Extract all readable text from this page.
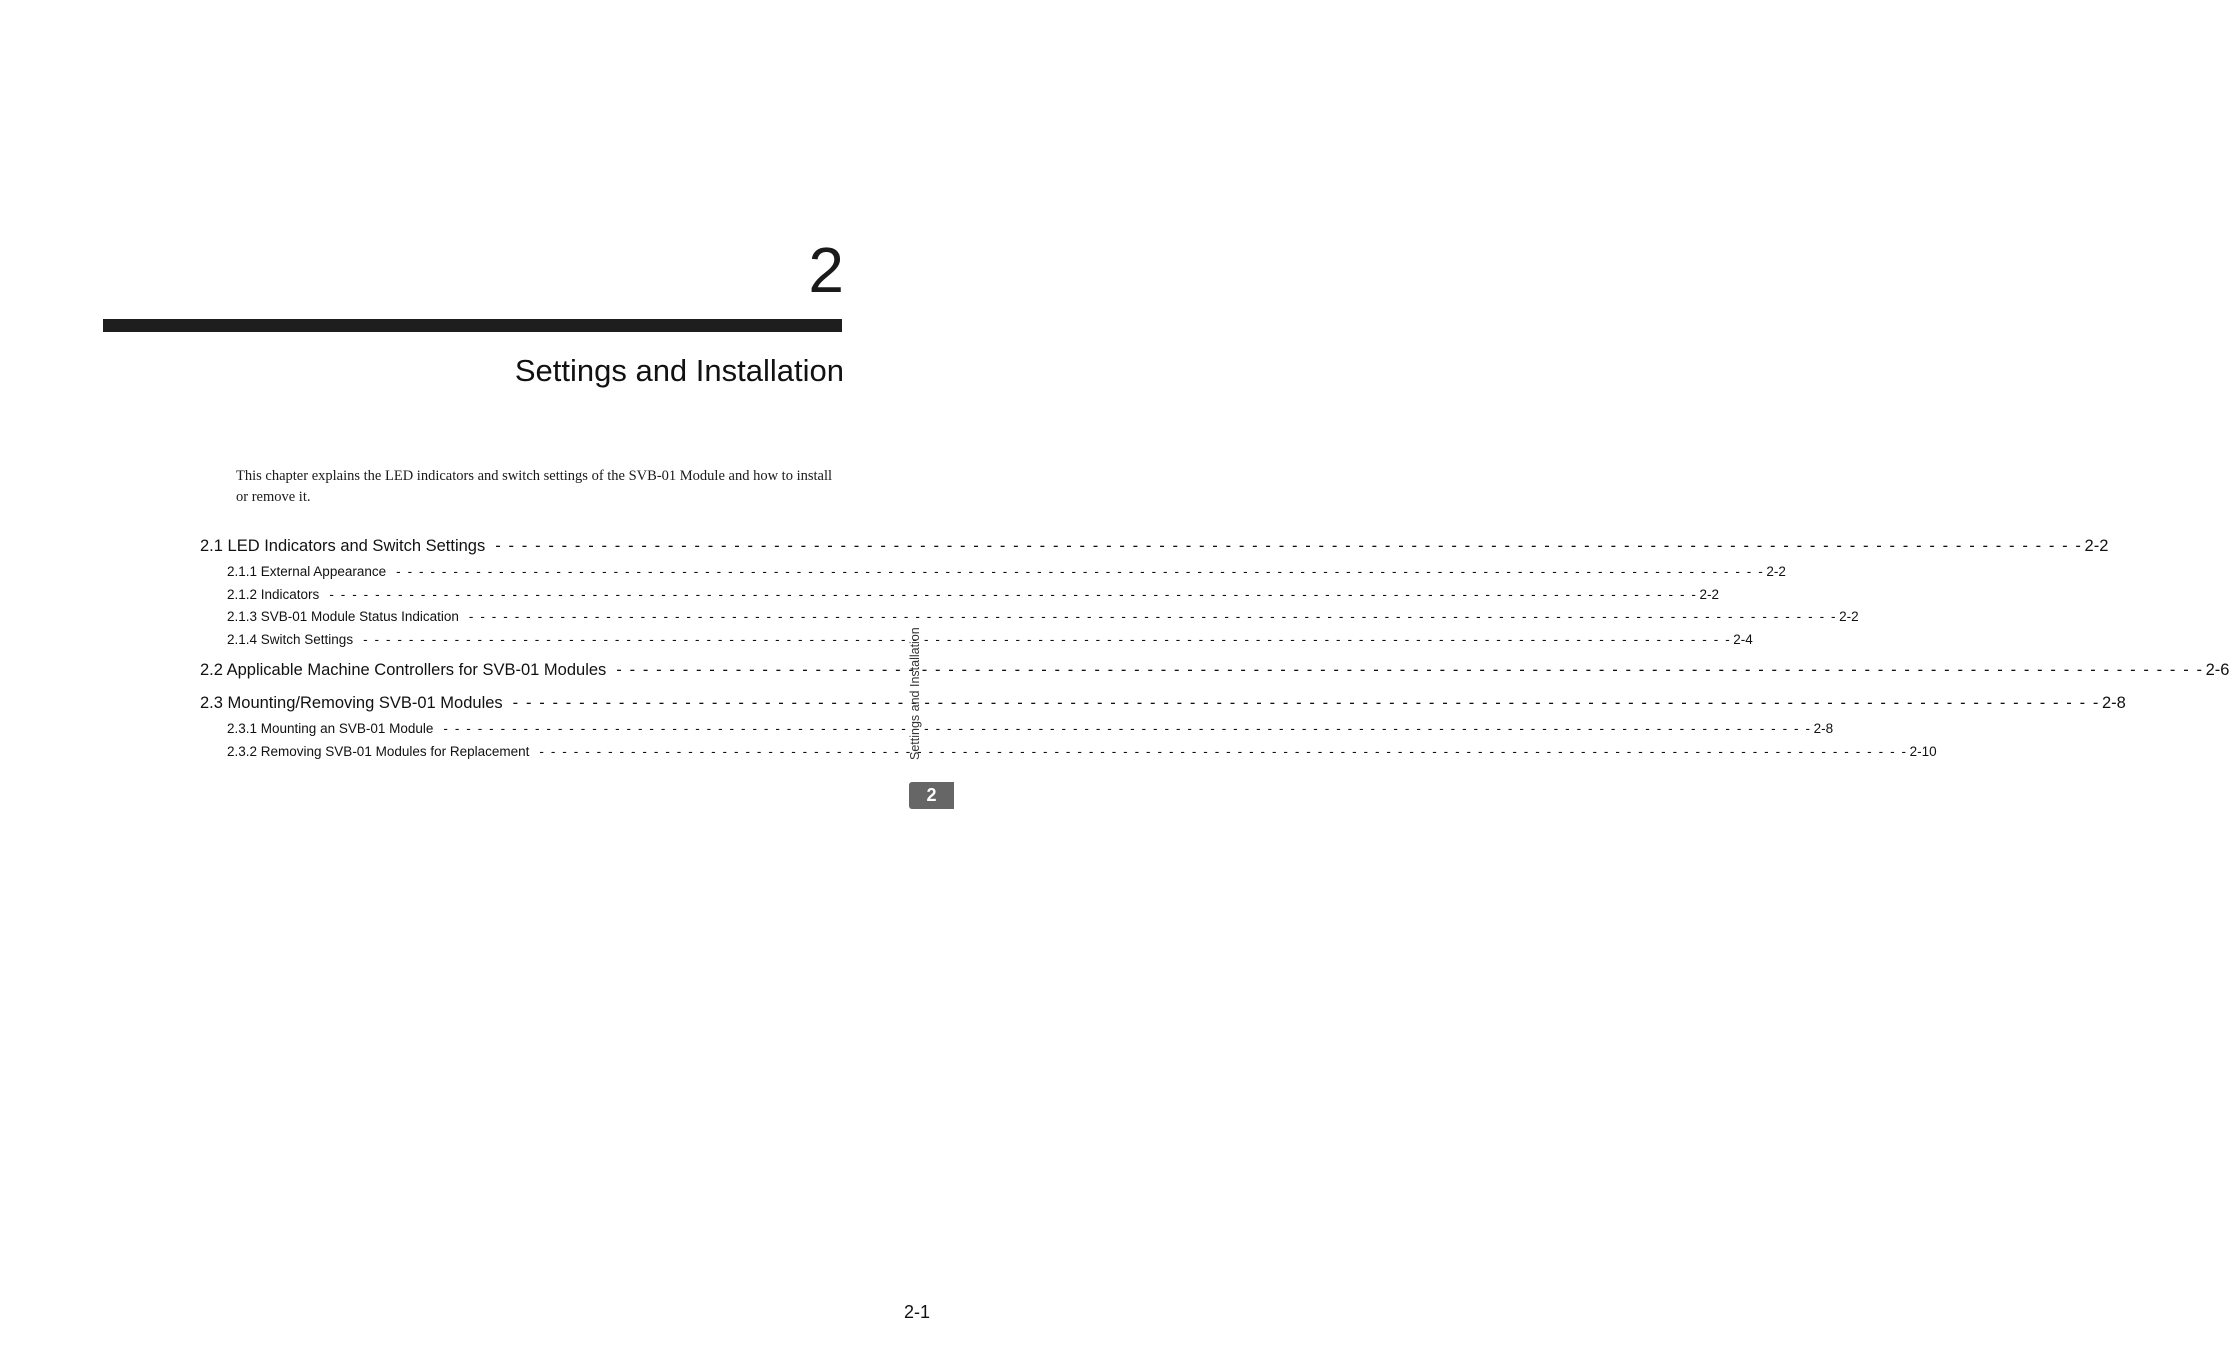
2
Settings and Installation
This chapter explains the LED indicators and switch settings of the SVB-01 Module and how to install or remove it.
2.1 LED Indicators and Switch Settings - - - - - - - - - - - - - - - - - - - - - - - - - - - - - - - - - - - - - - - - - - - - - - - - - - - - - - - - - - - - - - - - - - - - - - - - - - - - - - - - - - - - - - - - - - - - - - - - - - - - - - - - - - - - - - - - - - - - - - - - 2-2
2.1.1 External Appearance - - - - - - - - - - - - - - - - - - - - - - - - - - - - - - - - - - - - - - - - - - - - - - - - - - - - - - - - - - - - - - - - - - - - - - - - - - - - - - - - - - - - - - - - - - - - - - - - - - - - - - - - - - - - - - - - - - - - - - - - 2-2
2.1.2 Indicators - - - - - - - - - - - - - - - - - - - - - - - - - - - - - - - - - - - - - - - - - - - - - - - - - - - - - - - - - - - - - - - - - - - - - - - - - - - - - - - - - - - - - - - - - - - - - - - - - - - - - - - - - - - - - - - - - - - - - - - - 2-2
2.1.3 SVB-01 Module Status Indication - - - - - - - - - - - - - - - - - - - - - - - - - - - - - - - - - - - - - - - - - - - - - - - - - - - - - - - - - - - - - - - - - - - - - - - - - - - - - - - - - - - - - - - - - - - - - - - - - - - - - - - - - - - - - - - - - - - - - - - - 2-2
2.1.4 Switch Settings - - - - - - - - - - - - - - - - - - - - - - - - - - - - - - - - - - - - - - - - - - - - - - - - - - - - - - - - - - - - - - - - - - - - - - - - - - - - - - - - - - - - - - - - - - - - - - - - - - - - - - - - - - - - - - - - - - - - - - - - 2-4
2.2 Applicable Machine Controllers for SVB-01 Modules - - - - - - - - - - - - - - - - - - - - - - - - - - - - - - - - - - - - - - - - - - - - - - - - - - - - - - - - - - - - - - - - - - - - - - - - - - - - - - - - - - - - - - - - - - - - - - - - - - - - - - - - - - - - - - - - - - - - - - - - 2-6
2.3 Mounting/Removing SVB-01 Modules - - - - - - - - - - - - - - - - - - - - - - - - - - - - - - - - - - - - - - - - - - - - - - - - - - - - - - - - - - - - - - - - - - - - - - - - - - - - - - - - - - - - - - - - - - - - - - - - - - - - - - - - - - - - - - - - - - - - - - - - 2-8
2.3.1 Mounting an SVB-01 Module - - - - - - - - - - - - - - - - - - - - - - - - - - - - - - - - - - - - - - - - - - - - - - - - - - - - - - - - - - - - - - - - - - - - - - - - - - - - - - - - - - - - - - - - - - - - - - - - - - - - - - - - - - - - - - - - - - - - - - - - 2-8
2.3.2 Removing SVB-01 Modules for Replacement - - - - - - - - - - - - - - - - - - - - - - - - - - - - - - - - - - - - - - - - - - - - - - - - - - - - - - - - - - - - - - - - - - - - - - - - - - - - - - - - - - - - - - - - - - - - - - - - - - - - - - - - - - - - - - - - - - - - - - - - 2-10
Settings and Installation
2
2-1
